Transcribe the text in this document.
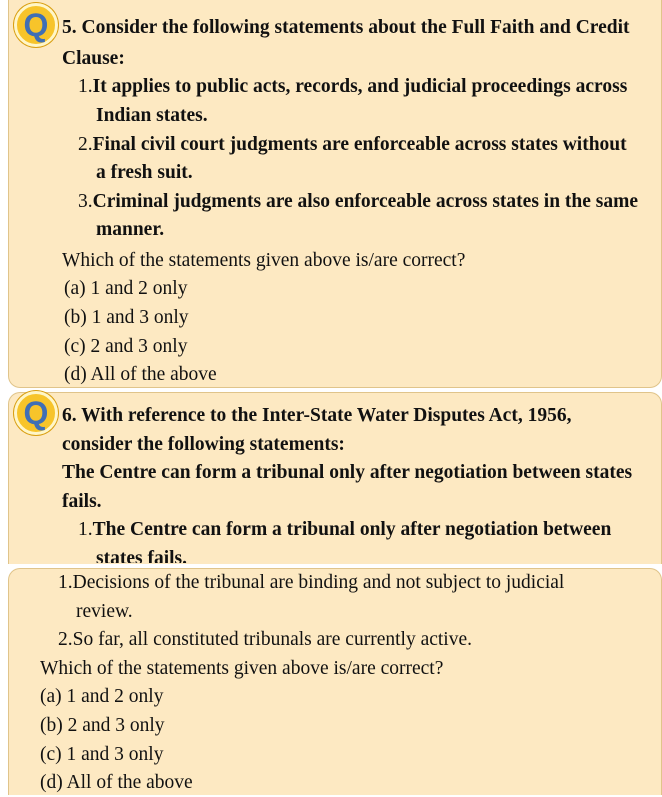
Q 5. Consider the following statements about the Full Faith and Credit
Clause:
1.It applies to public acts, records, and judicial proceedings across
Indian states.
2.Final civil court judgments are enforceable across states without
a fresh suit.
3.Criminal judgments are also enforceable across states in the same
manner.
Which of the statements given above is/are correct?
(a) 1 and 2 only
(b) 1 and 3 only
(c) 2 and 3 only
(d) All of the above
Q 6. With reference to the Inter-State Water Disputes Act, 1956,
consider the following statements:
The Centre can form a tribunal only after negotiation between states
fails.
1.The Centre can form a tribunal only after negotiation between
states fails.
1.Decisions of the tribunal are binding and not subject to judicial
review.
2.So far, all constituted tribunals are currently active.
Which of the statements given above is/are correct?
(a) 1 and 2 only
(b) 2 and 3 only
(c) 1 and 3 only
(d) All of the above
